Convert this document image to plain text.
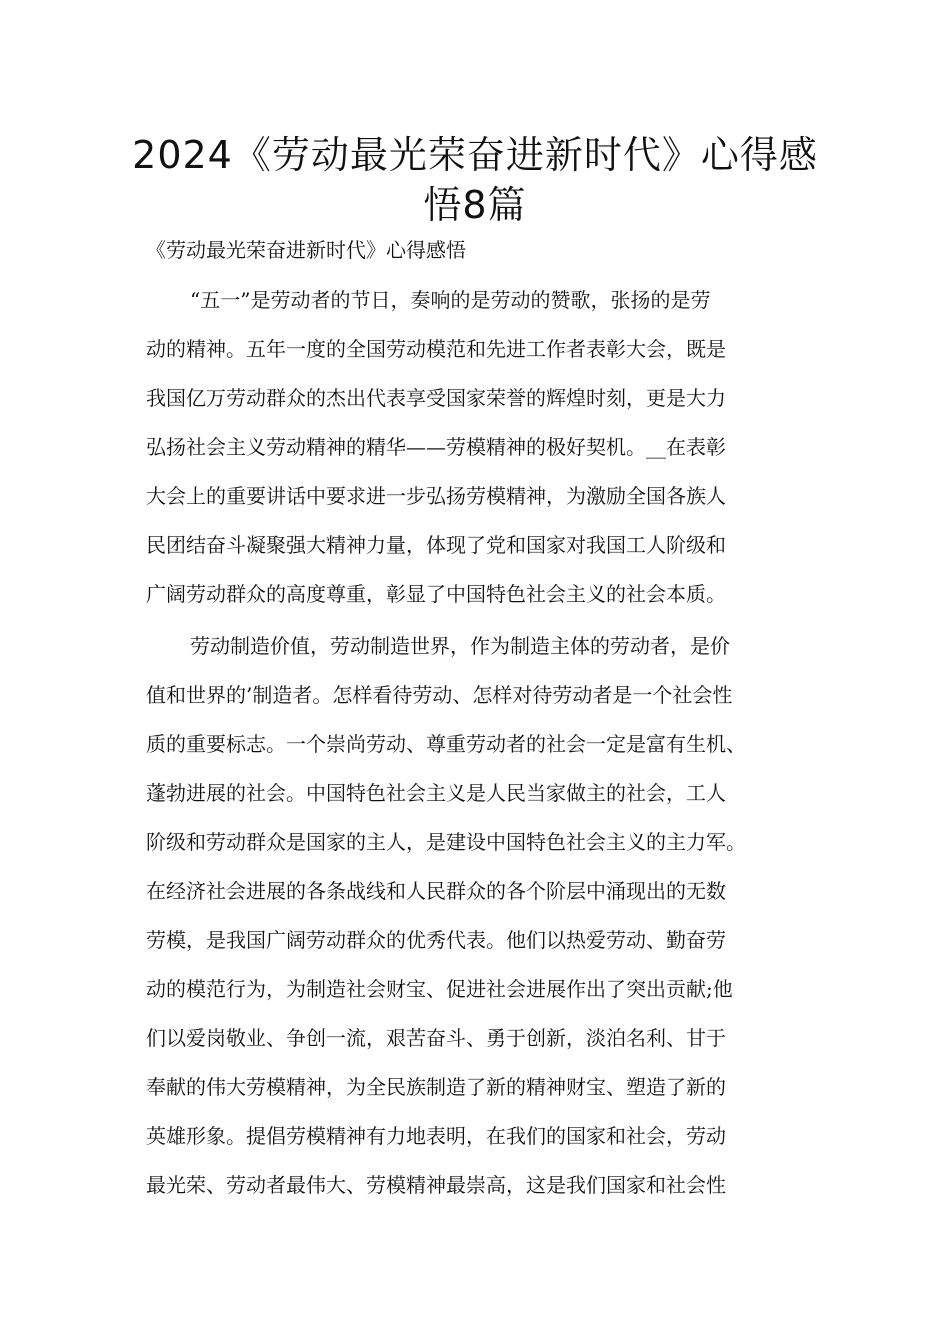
2024《劳动最光荣奋进新时代》心得感
悟8篇

《劳动最光荣奋进新时代》心得感悟

“五一”是劳动者的节日，奏响的是劳动的赞歌，张扬的是劳
动的精神。五年一度的全国劳动模范和先进工作者表彰大会，既是
我国亿万劳动群众的杰出代表享受国家荣誉的辉煌时刻，更是大力
弘扬社会主义劳动精神的精华——劳模精神的极好契机。__在表彰
大会上的重要讲话中要求进一步弘扬劳模精神，为激励全国各族人
民团结奋斗凝聚强大精神力量，体现了党和国家对我国工人阶级和
广阔劳动群众的高度尊重，彰显了中国特色社会主义的社会本质。
劳动制造价值，劳动制造世界，作为制造主体的劳动者，是价
值和世界的’制造者。怎样看待劳动、怎样对待劳动者是一个社会性
质的重要标志。一个崇尚劳动、尊重劳动者的社会一定是富有生机、
蓬勃进展的社会。中国特色社会主义是人民当家做主的社会，工人
阶级和劳动群众是国家的主人，是建设中国特色社会主义的主力军。
在经济社会进展的各条战线和人民群众的各个阶层中涌现出的无数
劳模，是我国广阔劳动群众的优秀代表。他们以热爱劳动、勤奋劳
动的模范行为，为制造社会财宝、促进社会进展作出了突出贡献;他
们以爱岗敬业、争创一流，艰苦奋斗、勇于创新，淡泊名利、甘于
奉献的伟大劳模精神，为全民族制造了新的精神财宝、塑造了新的
英雄形象。提倡劳模精神有力地表明，在我们的国家和社会，劳动
最光荣、劳动者最伟大、劳模精神最崇高，这是我们国家和社会性
